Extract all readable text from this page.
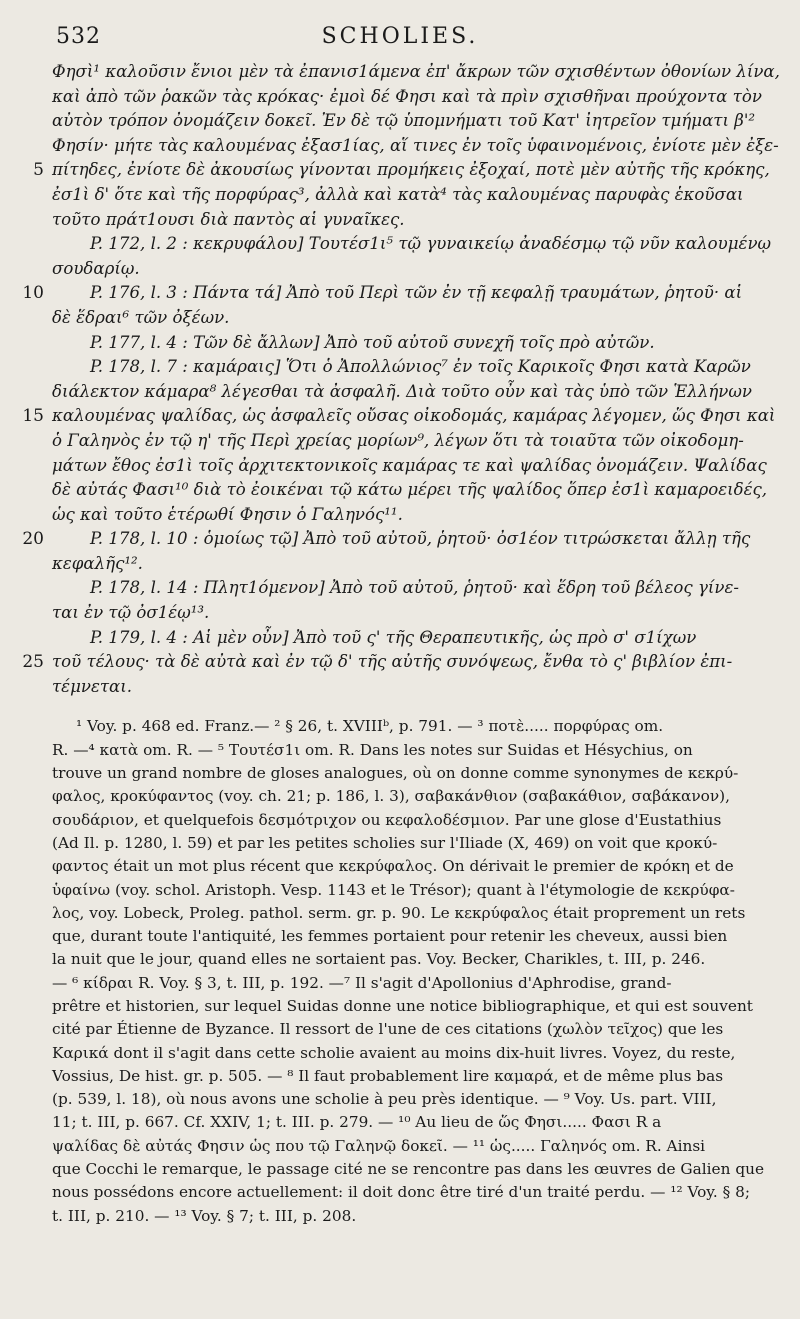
532	SCHOLIES.
Φησὶ¹ καλοῦσιν ἔνιοι μὲν τὰ ἐπανισ1άμενα ἐπ' ἄκρων τῶν σχισθέντων ὀθονίων λίνα,
καὶ ἀπὸ τῶν ῥακῶν τὰς κρόκας· ἐμοὶ δέ Φησι καὶ τὰ πρὶν σχισθῆναι προύχοντα τὸν
αὐτὸν τρόπον ὀνομάζειν δοκεῖ. Ἐν δὲ τῷ ὑπομνήματι τοῦ Κατ' ἰητρεῖον τμήματι β'²
Φησίν· μήτε τὰς καλουμένας ἐξασ1ίας, αἵ τινες ἐν τοῖς ὑφαινομένοις, ἐνίοτε μὲν ἐξε-
5 πίτηδες, ἐνίοτε δὲ ἀκουσίως γίνονται προμήκεις ἐξοχαί, ποτὲ μὲν αὐτῆς τῆς κρόκης,
ἐσ1ὶ δ' ὅτε καὶ τῆς πορφύρας³, ἀλλὰ καὶ κατὰ⁴ τὰς καλουμένας παρυφὰς ἑκοῦσαι
τοῦτο πράτ1ουσι διὰ παντὸς αἱ γυναῖκες.
P. 172, l. 2 : κεκρυφάλου] Τουτέσ1ι⁵ τῷ γυναικείῳ ἀναδέσμῳ τῷ νῦν καλουμένῳ
σουδαρίῳ.
10	P. 176, l. 3 : Πάντα τά] Ἀπὸ τοῦ Περὶ τῶν ἐν τῇ κεφαλῇ τραυμάτων, ῥητοῦ· αἱ
δὲ ἕδραι⁶ τῶν ὀξέων.
P. 177, l. 4 : Τῶν δὲ ἄλλων] Ἀπὸ τοῦ αὐτοῦ συνεχῆ τοῖς πρὸ αὐτῶν.
P. 178, l. 7 : καμάραις] Ὅτι ὁ Ἀπολλώνιος⁷ ἐν τοῖς Καρικοῖς Φησι κατὰ Καρῶν
διάλεκτον κάμαρα⁸ λέγεσθαι τὰ ἀσφαλῆ. Διὰ τοῦτο οὖν καὶ τὰς ὑπὸ τῶν Ἑλλήνων
15 καλουμένας ψαλίδας, ὡς ἀσφαλεῖς οὔσας οἰκοδομάς, καμάρας λέγομεν, ὥς Φησι καὶ
ὁ Γαληνὸς ἐν τῷ η' τῆς Περὶ χρείας μορίων⁹, λέγων ὅτι τὰ τοιαῦτα τῶν οἰκοδομη-
μάτων ἔθος ἐσ1ὶ τοῖς ἀρχιτεκτονικοῖς καμάρας τε καὶ ψαλίδας ὀνομάζειν. Ψαλίδας
δὲ αὐτάς Φασι¹⁰ διὰ τὸ ἐοικέναι τῷ κάτω μέρει τῆς ψαλίδος ὅπερ ἐσ1ὶ καμαροειδές,
ὡς καὶ τοῦτο ἑτέρωθί Φησιν ὁ Γαληνός¹¹.
20	P. 178, l. 10 : ὁμοίως τῷ] Ἀπὸ τοῦ αὐτοῦ, ῥητοῦ· ὀσ1έον τιτρώσκεται ἄλλῃ τῆς
κεφαλῆς¹².
P. 178, l. 14 : Πλητ1όμενον] Ἀπὸ τοῦ αὐτοῦ, ῥητοῦ· καὶ ἕδρη τοῦ βέλεος γίνε-
ται ἐν τῷ ὀσ1έῳ¹³.
P. 179, l. 4 : Αἱ μὲν οὖν] Ἀπὸ τοῦ ς' τῆς Θεραπευτικῆς, ὡς πρὸ σ' σ1ίχων
25 τοῦ τέλους· τὰ δὲ αὐτὰ καὶ ἐν τῷ δ' τῆς αὐτῆς συνόψεως, ἔνθα τὸ ς' βιβλίον ἐπι-
τέμνεται.
¹ Voy. p. 468 ed. Franz.— ² § 26, t. XVIIIᵇ, p. 791. — ³ ποτὲ..... πορφύρας om.
R. —⁴ κατὰ om. R. — ⁵ Τουτέσ1ι om. R. Dans les notes sur Suidas et Hésychius, on
trouve un grand nombre de gloses analogues, où on donne comme synonymes de κεκρύ-
φαλος, κροκύφαντος (voy. ch. 21; p. 186, l. 3), σαβακάνθιον (σαβακάθιον, σαβάκανον),
σουδάριον, et quelquefois δεσμότριχον ou κεφαλοδέσμιον. Par une glose d'Eustathius
(Ad Il. p. 1280, l. 59) et par les petites scholies sur l'Iliade (X, 469) on voit que κροκύ-
φαντος était un mot plus récent que κεκρύφαλος. On dérivait le premier de κρόκη et de
ὑφαίνω (voy. schol. Aristoph. Vesp. 1143 et le Trésor); quant à l'étymologie de κεκρύφα-
λος, voy. Lobeck, Proleg. pathol. serm. gr. p. 90. Le κεκρύφαλος était proprement un rets
que, durant toute l'antiquité, les femmes portaient pour retenir les cheveux, aussi bien
la nuit que le jour, quand elles ne sortaient pas. Voy. Becker, Charikles, t. III, p. 246.
— ⁶ κίδραι R. Voy. § 3, t. III, p. 192. —⁷ Il s'agit d'Apollonius d'Aphrodise, grand-
prêtre et historien, sur lequel Suidas donne une notice bibliographique, et qui est souvent
cité par Étienne de Byzance. Il ressort de l'une de ces citations (χωλὸν τεῖχος) que les
Καρικά dont il s'agit dans cette scholie avaient au moins dix-huit livres. Voyez, du reste,
Vossius, De hist. gr. p. 505. — ⁸ Il faut probablement lire καμαρά, et de même plus bas
(p. 539, l. 18), où nous avons une scholie à peu près identique. — ⁹ Voy. Us. part. VIII,
11; t. III, p. 667. Cf. XXIV, 1; t. III. p. 279. — ¹⁰ Au lieu de ὥς Φησι..... Φασι R a
ψαλίδας δὲ αὐτάς Φησιν ὡς που τῷ Γαληνῷ δοκεῖ. — ¹¹ ὡς..... Γαληνός om. R. Ainsi
que Cocchi le remarque, le passage cité ne se rencontre pas dans les œuvres de Galien que
nous possédons encore actuellement: il doit donc être tiré d'un traité perdu. — ¹² Voy. § 8;
t. III, p. 210. — ¹³ Voy. § 7; t. III, p. 208.
